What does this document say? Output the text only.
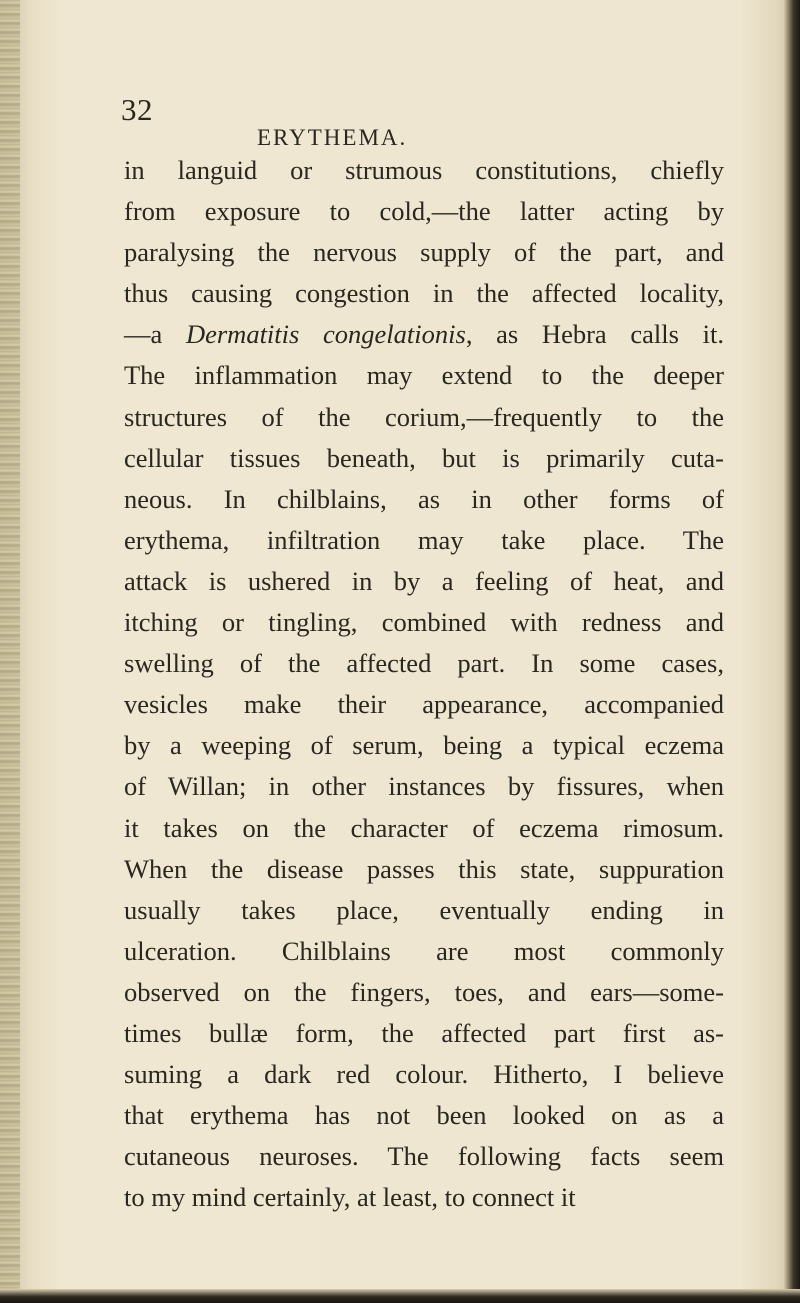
32
ERYTHEMA.
in languid or strumous constitutions, chiefly
from exposure to cold,—the latter acting by
paralysing the nervous supply of the part, and
thus causing congestion in the affected locality,
—a Dermatitis congelationis, as Hebra calls it.
The inflammation may extend to the deeper
structures of the corium,—frequently to the
cellular tissues beneath, but is primarily cuta-
neous. In chilblains, as in other forms of
erythema, infiltration may take place. The
attack is ushered in by a feeling of heat, and
itching or tingling, combined with redness and
swelling of the affected part. In some cases,
vesicles make their appearance, accompanied
by a weeping of serum, being a typical eczema
of Willan; in other instances by fissures, when
it takes on the character of eczema rimosum.
When the disease passes this state, suppuration
usually takes place, eventually ending in
ulceration. Chilblains are most commonly
observed on the fingers, toes, and ears—some-
times bullæ form, the affected part first as-
suming a dark red colour. Hitherto, I believe
that erythema has not been looked on as a
cutaneous neuroses. The following facts seem
to my mind certainly, at least, to connect it
